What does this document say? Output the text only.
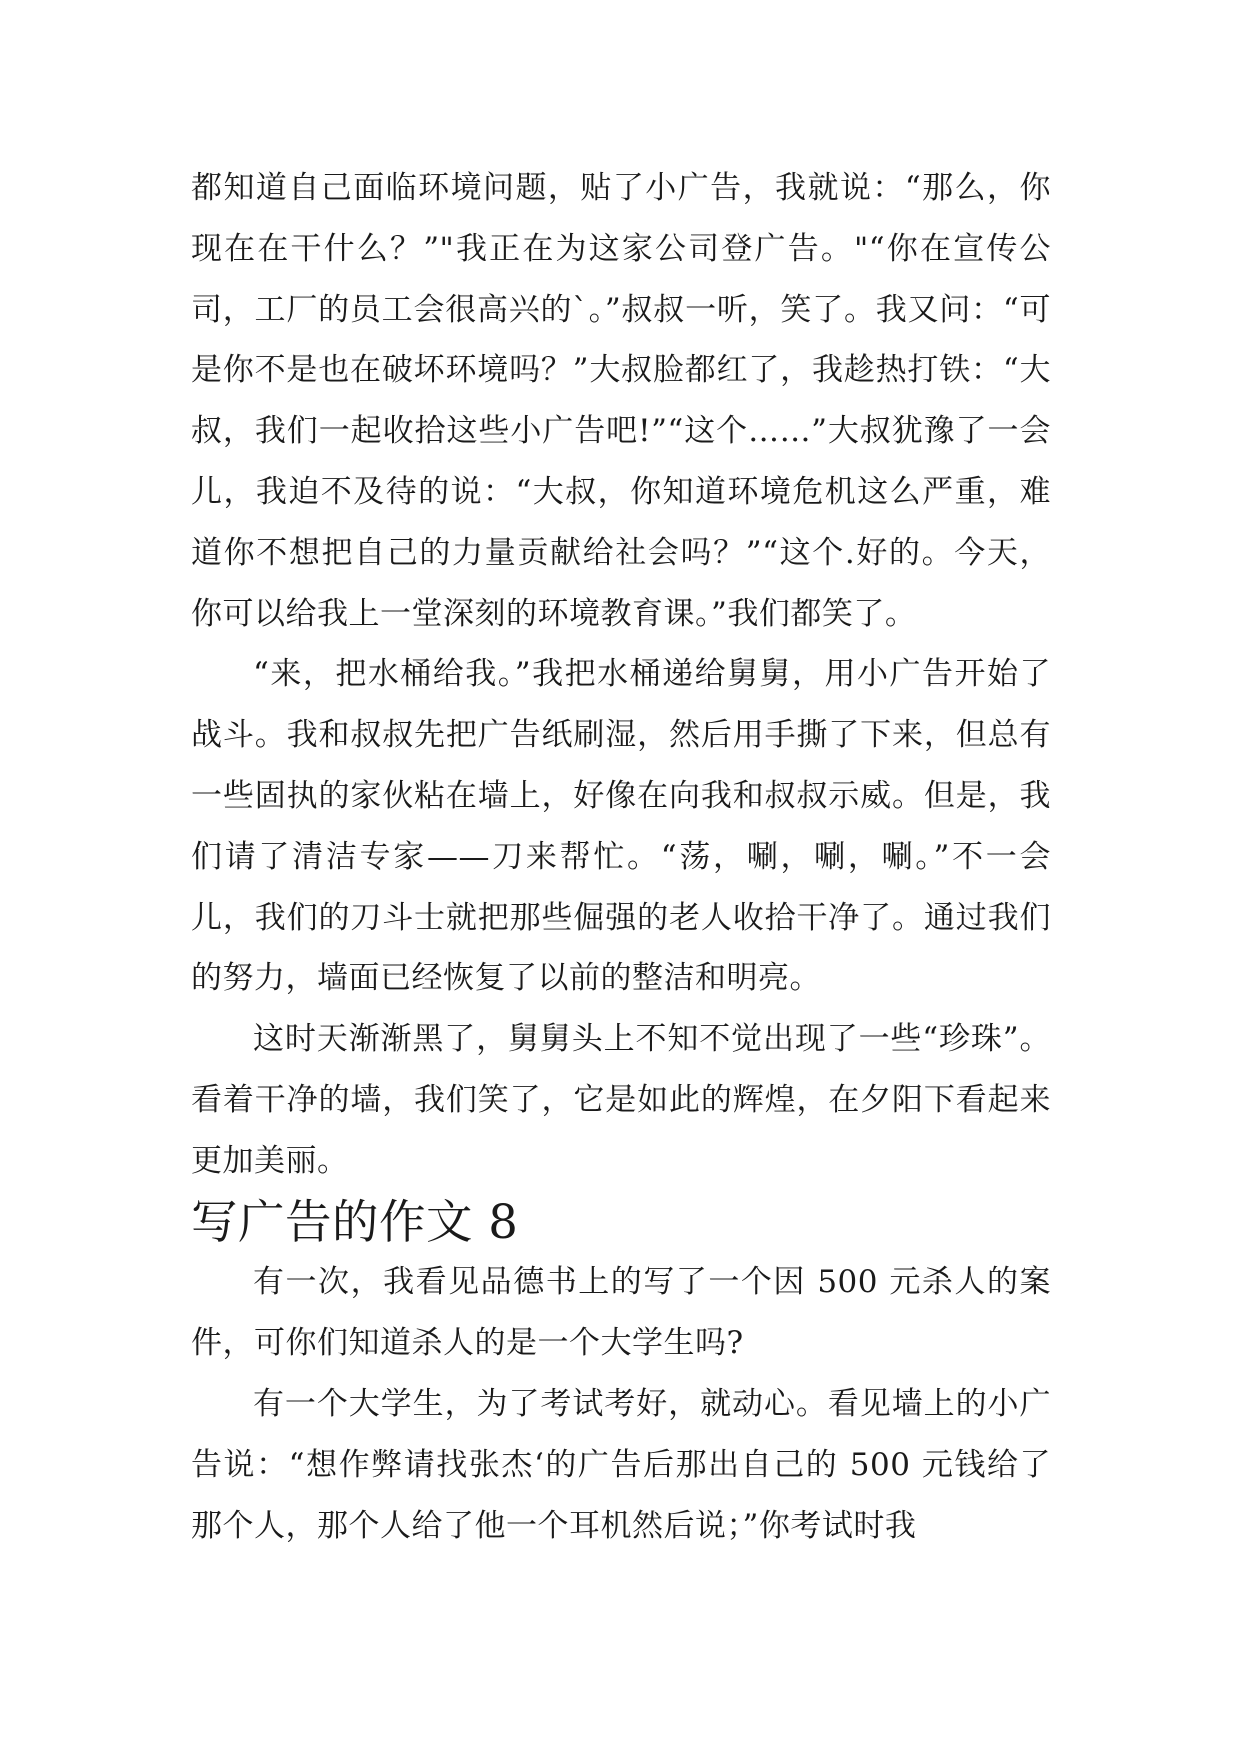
都知道自己面临环境问题，贴了小广告，我就说：“那么，你现在在干什么？”"我正在为这家公司登广告。"“你在宣传公司，工厂的员工会很高兴的`。”叔叔一听，笑了。我又问：“可是你不是也在破坏环境吗？”大叔脸都红了，我趁热打铁：“大叔，我们一起收拾这些小广告吧!”“这个……”大叔犹豫了一会儿，我迫不及待的说：“大叔，你知道环境危机这么严重，难道你不想把自己的力量贡献给社会吗？”“这个.好的。今天，你可以给我上一堂深刻的环境教育课。”我们都笑了。

“来，把水桶给我。”我把水桶递给舅舅，用小广告开始了战斗。我和叔叔先把广告纸刷湿，然后用手撕了下来，但总有一些固执的家伙粘在墙上，好像在向我和叔叔示威。但是，我们请了清洁专家——刀来帮忙。“荡，唰，唰，唰。”不一会儿，我们的刀斗士就把那些倔强的老人收拾干净了。通过我们的努力，墙面已经恢复了以前的整洁和明亮。

这时天渐渐黑了，舅舅头上不知不觉出现了一些“珍珠”。看着干净的墙，我们笑了，它是如此的辉煌，在夕阳下看起来更加美丽。

写广告的作文 8

有一次，我看见品德书上的写了一个因 500 元杀人的案件，可你们知道杀人的是一个大学生吗?

有一个大学生，为了考试考好，就动心。看见墙上的小广告说：“想作弊请找张杰‘的广告后那出自己的 500 元钱给了那个人，那个人给了他一个耳机然后说；”你考试时我
